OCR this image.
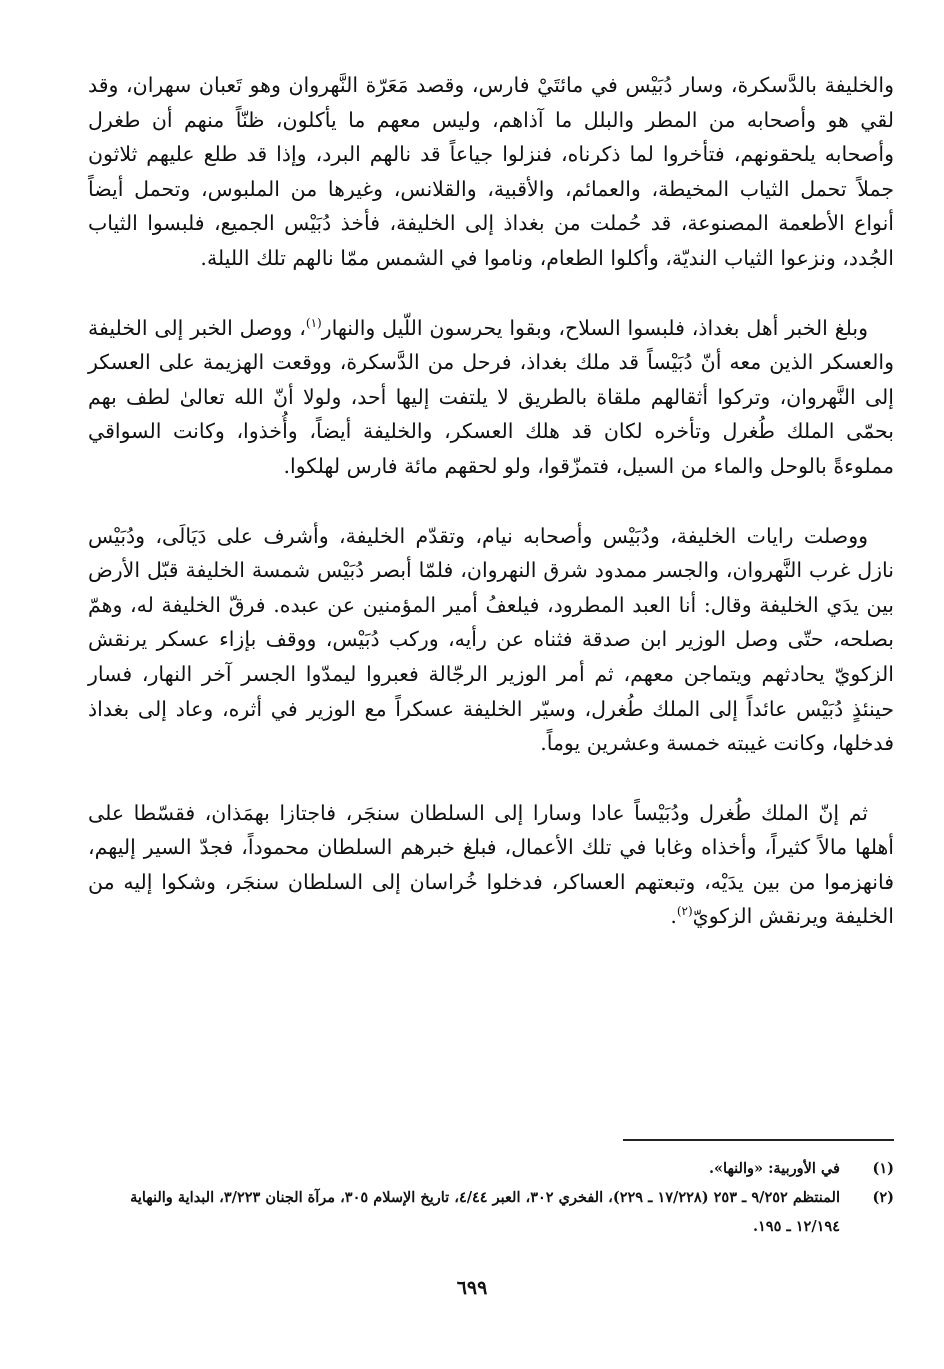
والخليفة بالدَّسكرة، وسار دُبَيْس في مائتَيْ فارس، وقصد مَعَرّة النَّهروان وهو تَعبان سهران، وقد لقي هو وأصحابه من المطر والبلل ما آذاهم، وليس معهم ما يأكلون، ظنّاً منهم أن طغرل وأصحابه يلحقونهم، فتأخروا لما ذكرناه، فنزلوا جياعاً قد نالهم البرد، وإذا قد طلع عليهم ثلاثون جملاً تحمل الثياب المخيطة، والعمائم، والأقبية، والقلانس، وغيرها من الملبوس، وتحمل أيضاً أنواع الأطعمة المصنوعة، قد حُملت من بغداذ إلى الخليفة، فأخذ دُبَيْس الجميع، فلبسوا الثياب الجُدد، ونزعوا الثياب النديّة، وأكلوا الطعام، وناموا في الشمس ممّا نالهم تلك الليلة.

وبلغ الخبر أهل بغداذ، فلبسوا السلاح، وبقوا يحرسون اللّيل والنهار$^{(١)}$، ووصل الخبر إلى الخليفة والعسكر الذين معه أنّ دُبَيْساً قد ملك بغداذ، فرحل من الدَّسكرة، ووقعت الهزيمة على العسكر إلى النَّهروان، وتركوا أثقالهم ملقاة بالطريق لا يلتفت إليها أحد، ولولا أنّ الله تعالىٰ لطف بهم بحمّى الملك طُغرل وتأخره لكان قد هلك العسكر، والخليفة أيضاً، وأُخذوا، وكانت السواقي مملوءةً بالوحل والماء من السيل، فتمزّقوا، ولو لحقهم مائة فارس لهلكوا.

ووصلت رايات الخليفة، ودُبَيْس وأصحابه نيام، وتقدّم الخليفة، وأشرف على دَيَالَى، ودُبَيْس نازل غرب النَّهروان، والجسر ممدود شرق النهروان، فلمّا أبصر دُبَيْس شمسة الخليفة قبّل الأرض بين يدَي الخليفة وقال: أنا العبد المطرود، فيلعفُ أمير المؤمنين عن عبده. فرقّ الخليفة له، وهمّ بصلحه، حتّى وصل الوزير ابن صدقة فثناه عن رأيه، وركب دُبَيْس، ووقف بإزاء عسكر يرنقش الزكويّ يحادثهم ويتماجن معهم، ثم أمر الوزير الرجّالة فعبروا ليمدّوا الجسر آخر النهار، فسار حينئذٍ دُبَيْس عائداً إلى الملك طُغرل، وسيّر الخليفة عسكراً مع الوزير في أثره، وعاد إلى بغداذ فدخلها، وكانت غيبته خمسة وعشرين يوماً.

ثم إنّ الملك طُغرل ودُبَيْساً عادا وسارا إلى السلطان سنجَر، فاجتازا بهمَذان، فقسّطا على أهلها مالاً كثيراً، وأخذاه وغابا في تلك الأعمال، فبلغ خبرهم السلطان محموداً، فجدّ السير إليهم، فانهزموا من بين يدَيْه، وتبعتهم العساكر، فدخلوا خُراسان إلى السلطان سنجَر، وشكوا إليه من الخليفة ويرنقش الزكويّ$^{(٢)}$.

(١)
في الأوربية: «والنها».
(٢)
المنتظم ٩/٢٥٢ ـ ٢٥٣ (١٧/٢٢٨ ـ ٢٢٩)، الفخري ٣٠٢، العبر ٤/٤٤، تاريخ الإسلام ٣٠٥، مرآة الجنان ٣/٢٢٣، البداية والنهاية ١٢/١٩٤ ـ ١٩٥.
٦٩٩
